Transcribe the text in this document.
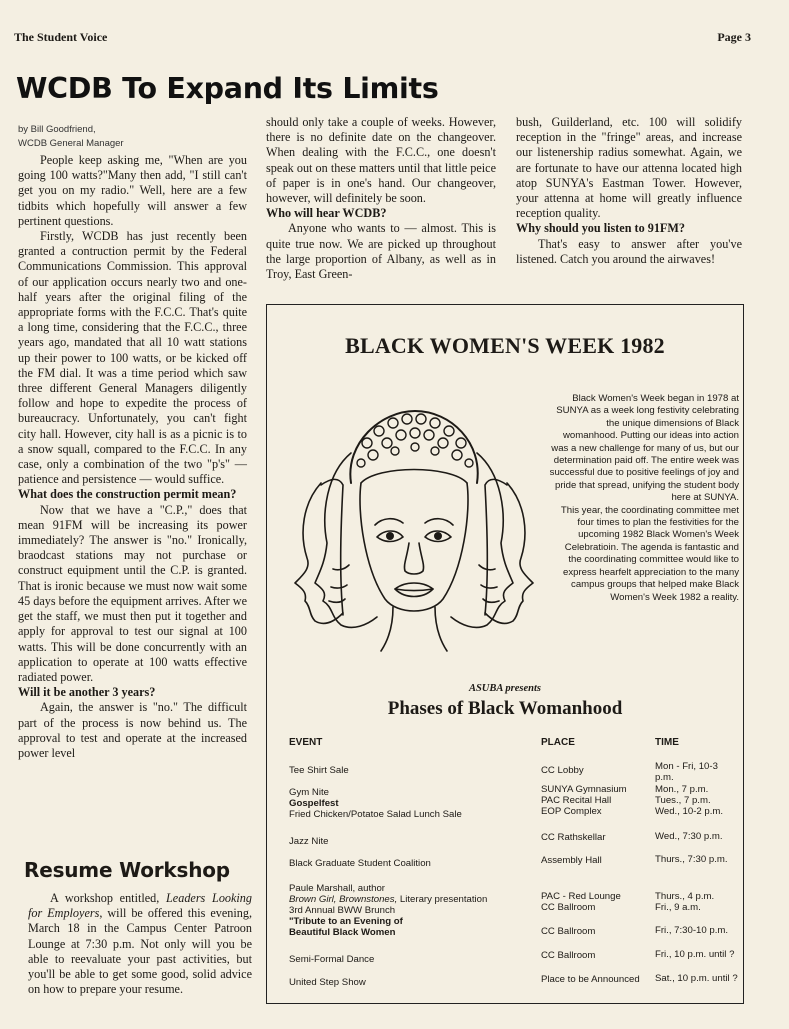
The Student Voice	Page 3
WCDB To Expand Its Limits
by Bill Goodfriend,
WCDB General Manager

People keep asking me, "When are you going 100 watts?"Many then add, "I still can't get you on my radio." Well, here are a few tidbits which hopefully will answer a few pertinent questions.

Firstly, WCDB has just recently been granted a contruction permit by the Federal Communications Commission. This approval of our application occurs nearly two and one-half years after the original filing of the appropriate forms with the F.C.C. That's quite a long time, considering that the F.C.C., three years ago, mandated that all 10 watt stations up their power to 100 watts, or be kicked off the FM dial. It was a time period which saw three different General Managers diligently follow and hope to expedite the process of bureaucracy. Unfortunately, you can't fight city hall. However, city hall is as a picnic is to a snow squall, compared to the F.C.C. In any case, only a combination of the two "p's" — patience and persistence — would suffice.

What does the construction permit mean?

Now that we have a "C.P.," does that mean 91FM will be increasing its power immediately? The answer is "no." Ironically, braodcast stations may not purchase or construct equipment until the C.P. is granted. That is ironic because we must now wait some 45 days before the equipment arrives. After we get the staff, we must then put it together and apply for approval to test our signal at 100 watts. This will be done concurrently with an application to operate at 100 watts effective radiated power.

Will it be another 3 years?

Again, the answer is "no." The difficult part of the process is now behind us. The approval to test and operate at the increased power level

should only take a couple of weeks. However, there is no definite date on the changeover. When dealing with the F.C.C., one doesn't speak out on these matters until that little peice of paper is in one's hand. Our changeover, however, will definitely be soon.

Who will hear WCDB?

Anyone who wants to — almost. This is quite true now. We are picked up throughout the large proportion of Albany, as well as in Troy, East Green-

bush, Guilderland, etc. 100 will solidify reception in the "fringe" areas, and increase our listenership radius somewhat. Again, we are fortunate to have our attenna located high atop SUNYA's Eastman Tower. However, your attenna at home will greatly influence reception quality.

Why should you listen to 91FM?

That's easy to answer after you've listened. Catch you around the airwaves!

Resume Workshop

A workshop entitled, Leaders Looking for Employers, will be offered this evening, March 18 in the Campus Center Patroon Lounge at 7:30 p.m. Not only will you be able to reevaluate your past activities, but you'll be able to get some good, solid advice on how to prepare your resume.

BLACK WOMEN'S WEEK 1982

Black Women's Week began in 1978 at SUNYA as a week long festivity celebrating the unique dimensions of Black womanhood. Putting our ideas into action was a new challenge for many of us, but our determination paid off. The entire week was successful due to positive feelings of joy and pride that spread, unifying the student body here at SUNYA.

This year, the coordinating committee met four times to plan the festivities for the upcoming 1982 Black Women's Week Celebratioin. The agenda is fantastic and the coordinating committee would like to express hearfelt appreciation to the many campus groups that helped make Black Women's Week 1982 a reality.

ASUBA presents
Phases of Black Womanhood
EVENT	PLACE	TIME
Tee Shirt Sale	CC Lobby	Mon - Fri, 10-3 p.m.
Gym Nite	SUNYA Gymnasium	Mon., 7 p.m.
Gospelfest	PAC Recital Hall	Tues., 7 p.m.
Fried Chicken/Potatoe Salad Lunch Sale	EOP Complex	Wed., 10-2 p.m.
Jazz Nite	CC Rathskellar	Wed., 7:30 p.m.
Black Graduate Student Coalition	Assembly Hall	Thurs., 7:30 p.m.
Paule Marshall, author
Brown Girl, Brownstones, Literary presentation	PAC - Red Lounge	Thurs., 4 p.m.
3rd Annual BWW Brunch	CC Ballroom	Fri., 9 a.m.
"Tribute to an Evening of Beautiful Black Women	CC Ballroom	Fri., 7:30-10 p.m.
Semi-Formal Dance	CC Ballroom	Fri., 10 p.m. until ?
United Step Show	Place to be Announced	Sat., 10 p.m. until ?
